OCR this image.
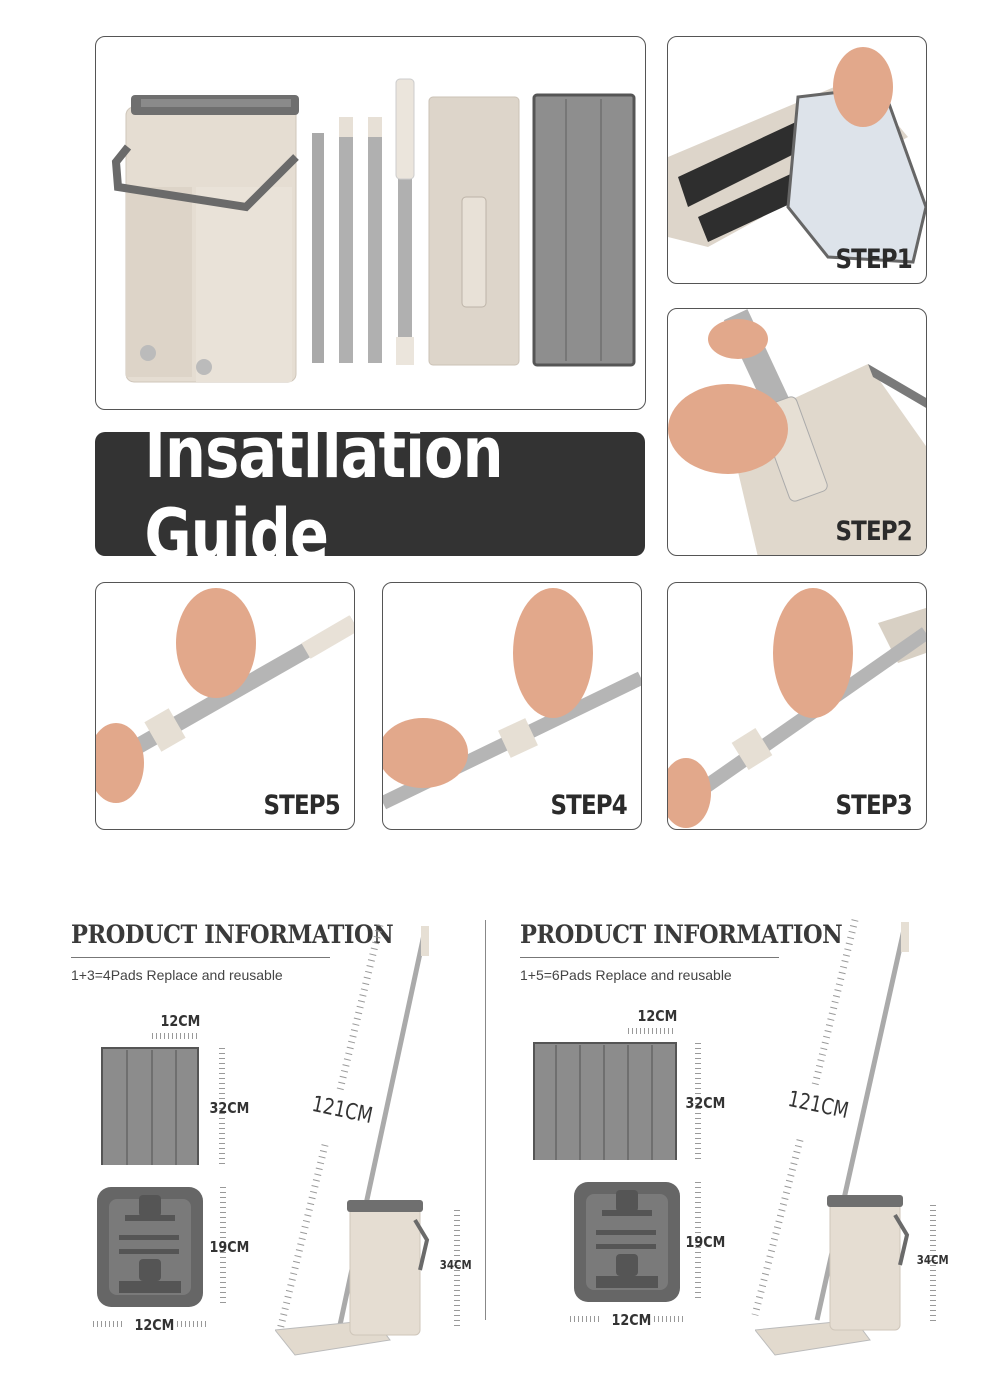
STEP1
STEP2
Insatllation Guide
STEP5	STEP4	STEP3
PRODUCT INFORMATION
1+3=4Pads Replace and reusable
12CM
32CM
19CM
12CM
121CM
34CM
PRODUCT INFORMATION
1+5=6Pads Replace and reusable
12CM
32CM
19CM
12CM
121CM
34CM
